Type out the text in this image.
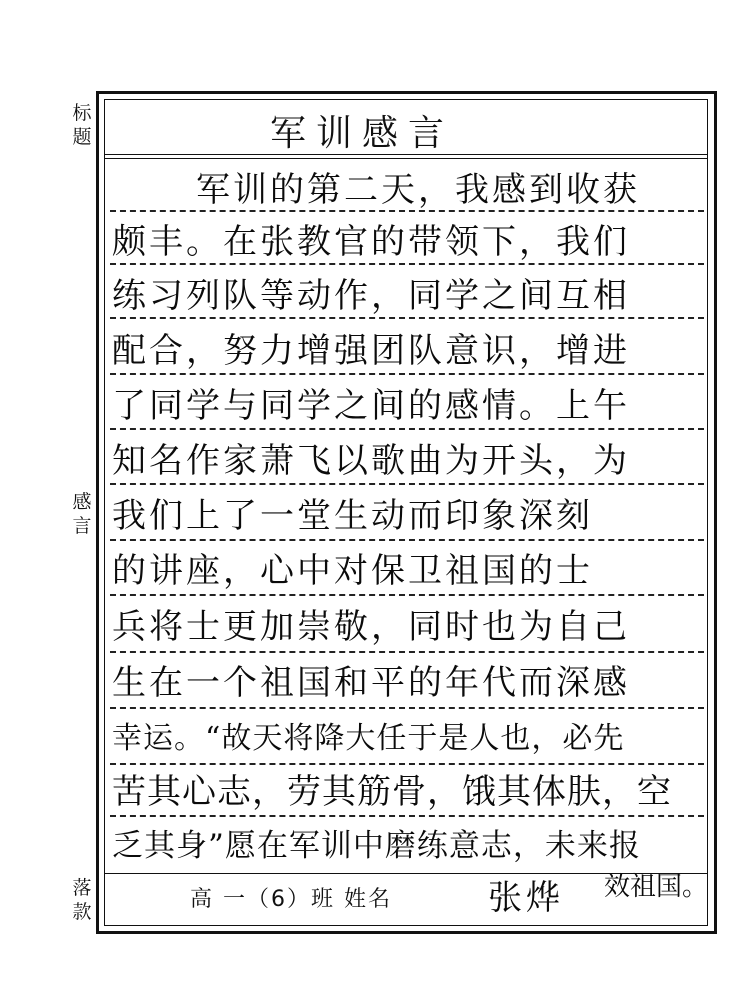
标
题
感
言
落
款
军训感言
军训的第二天，我感到收获
颇丰。在张教官的带领下，我们
练习列队等动作，同学之间互相
配合，努力增强团队意识，增进
了同学与同学之间的感情。上午
知名作家萧飞以歌曲为开头，为
我们上了一堂生动而印象深刻
的讲座，心中对保卫祖国的士
兵将士更加崇敬，同时也为自己
生在一个祖国和平的年代而深感
幸运。“故天将降大任于是人也，必先
苦其心志，劳其筋骨，饿其体肤，空
乏其身”愿在军训中磨练意志，未来报
高 一（6）班 姓名	张烨 效祖国。
